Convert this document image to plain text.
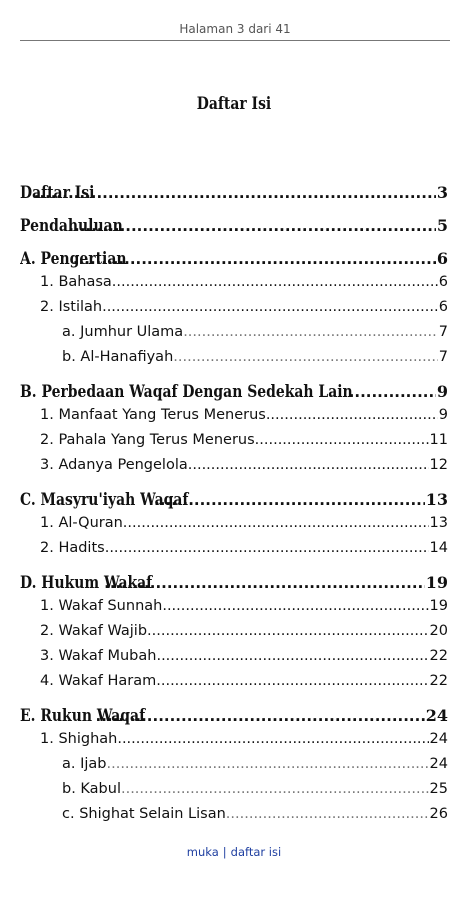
Halaman 3 dari 41
Daftar Isi
Daftar Isi .....	3
Pendahuluan .....	5
A. Pengertian .....	6
1. Bahasa .....	6
2. Istilah .....	6
a. Jumhur Ulama .....	7
b. Al-Hanafiyah .....	7
B. Perbedaan Waqaf Dengan Sedekah Lain .....	9
1. Manfaat Yang Terus Menerus .....	9
2. Pahala Yang Terus Menerus .....	11
3. Adanya Pengelola .....	12
C. Masyru'iyah Waqaf .....	13
1. Al-Quran .....	13
2. Hadits .....	14
D. Hukum Wakaf .....	19
1. Wakaf Sunnah .....	19
2. Wakaf Wajib .....	20
3. Wakaf Mubah .....	22
4. Wakaf Haram .....	22
E. Rukun Waqaf .....	24
1. Shighah .....	24
a. Ijab .....	24
b. Kabul .....	25
c. Shighat Selain Lisan .....	26
muka | daftar isi
